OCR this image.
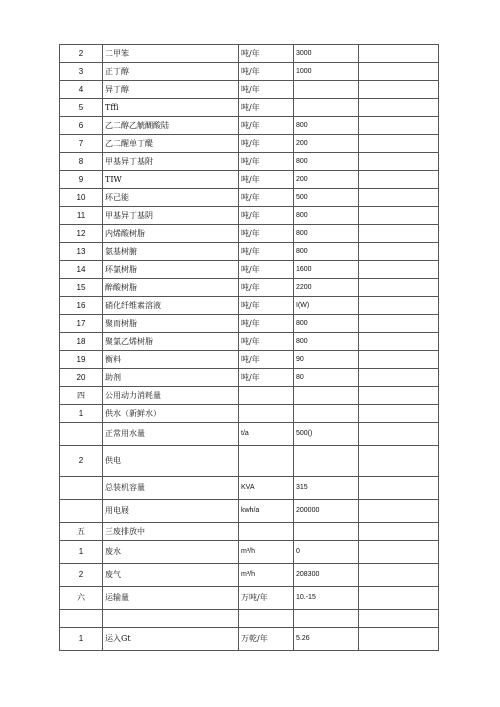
2	二甲笨	吨/年	3000	
3	正丁醇	吨/年	1000	
4	异丁醇	吨/年		
5	Tffi	吨/年		
6	乙二醇乙觥醐酸陆	吨/年	800	
7	乙二醒单丁醍	吨/年	200	
8	甲基异丁基附	吨/年	800	
9	TIW	吨/年	200	
10	环己能	吨/年	500	
11	甲基异丁基阴	吨/年	800	
12	内烯酸树脂	吨/年	800	
13	氨基树腑	吨/年	800	
14	环氯树脂	吨/年	1600	
15	醉酸树脂	吨/年	2200	
16	硝化纤维素溶液	吨/年	I(W)	
17	聚而树脂	吨/年	800	
18	聚氯乙烯树脂	吨/年	800	
19	衡料	吨/年	90	
20	助剂	吨/年	80	
四	公用动力消耗量			
1	供水（新鲜水）			
	正常用水量	t/a	500()	
2	供电			
	总装机容量	KVA	315	
	用电屐	kwh/a	200000	
五	三废排放中			
1	废水	m³/h	0	
2	废气	m³/h	208300	
六	运输量	万吨/年	10.-15	

1	运入Gt	万乾/年	5.26	
